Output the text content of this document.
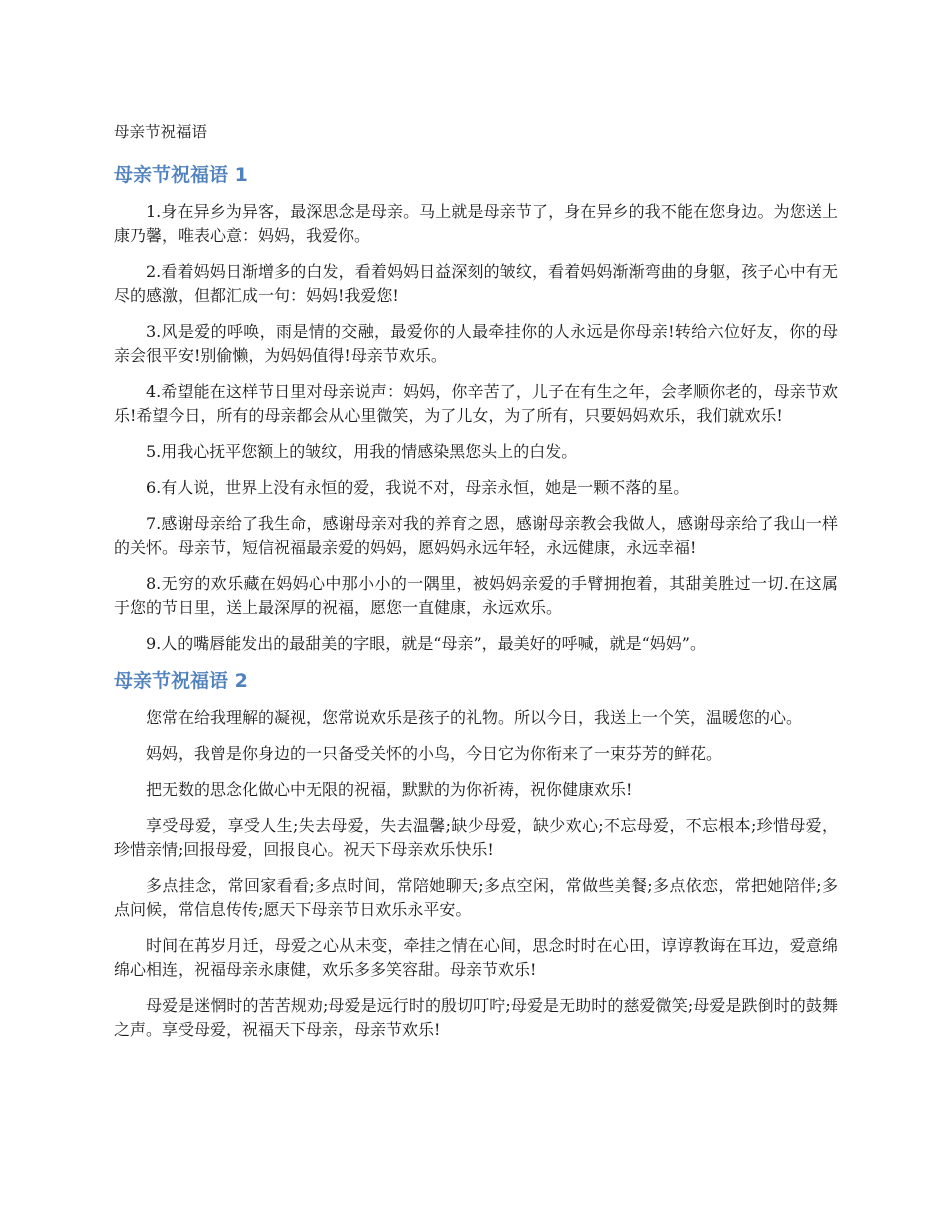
母亲节祝福语
母亲节祝福语 1

1.身在异乡为异客，最深思念是母亲。马上就是母亲节了，身在异乡的我不能在您身边。为您送上康乃馨，唯表心意：妈妈，我爱你。

2.看着妈妈日渐增多的白发，看着妈妈日益深刻的皱纹，看着妈妈渐渐弯曲的身躯，孩子心中有无尽的感激，但都汇成一句：妈妈!我爱您!

3.风是爱的呼唤，雨是情的交融，最爱你的人最牵挂你的人永远是你母亲!转给六位好友，你的母亲会很平安!别偷懒，为妈妈值得!母亲节欢乐。

4.希望能在这样节日里对母亲说声：妈妈，你辛苦了，儿子在有生之年，会孝顺你老的，母亲节欢乐!希望今日，所有的母亲都会从心里微笑，为了儿女，为了所有，只要妈妈欢乐，我们就欢乐!

5.用我心抚平您额上的皱纹，用我的情感染黑您头上的白发。

6.有人说，世界上没有永恒的爱，我说不对，母亲永恒，她是一颗不落的星。

7.感谢母亲给了我生命，感谢母亲对我的养育之恩，感谢母亲教会我做人，感谢母亲给了我山一样的关怀。母亲节，短信祝福最亲爱的妈妈，愿妈妈永远年轻，永远健康，永远幸福!

8.无穷的欢乐藏在妈妈心中那小小的一隅里，被妈妈亲爱的手臂拥抱着，其甜美胜过一切.在这属于您的节日里，送上最深厚的祝福，愿您一直健康，永远欢乐。

9.人的嘴唇能发出的最甜美的字眼，就是“母亲”，最美好的呼喊，就是“妈妈”。

母亲节祝福语 2

您常在给我理解的凝视，您常说欢乐是孩子的礼物。所以今日，我送上一个笑，温暖您的心。

妈妈，我曾是你身边的一只备受关怀的小鸟，今日它为你衔来了一束芬芳的鲜花。

把无数的思念化做心中无限的祝福，默默的为你祈祷，祝你健康欢乐!

享受母爱，享受人生;失去母爱，失去温馨;缺少母爱，缺少欢心;不忘母爱，不忘根本;珍惜母爱，珍惜亲情;回报母爱，回报良心。祝天下母亲欢乐快乐!

多点挂念，常回家看看;多点时间，常陪她聊天;多点空闲，常做些美餐;多点依恋，常把她陪伴;多点问候，常信息传传;愿天下母亲节日欢乐永平安。

时间在苒岁月迁，母爱之心从未变，牵挂之情在心间，思念时时在心田，谆谆教诲在耳边，爱意绵绵心相连，祝福母亲永康健，欢乐多多笑容甜。母亲节欢乐!

母爱是迷惘时的苦苦规劝;母爱是远行时的殷切叮咛;母爱是无助时的慈爱微笑;母爱是跌倒时的鼓舞之声。享受母爱，祝福天下母亲，母亲节欢乐!
